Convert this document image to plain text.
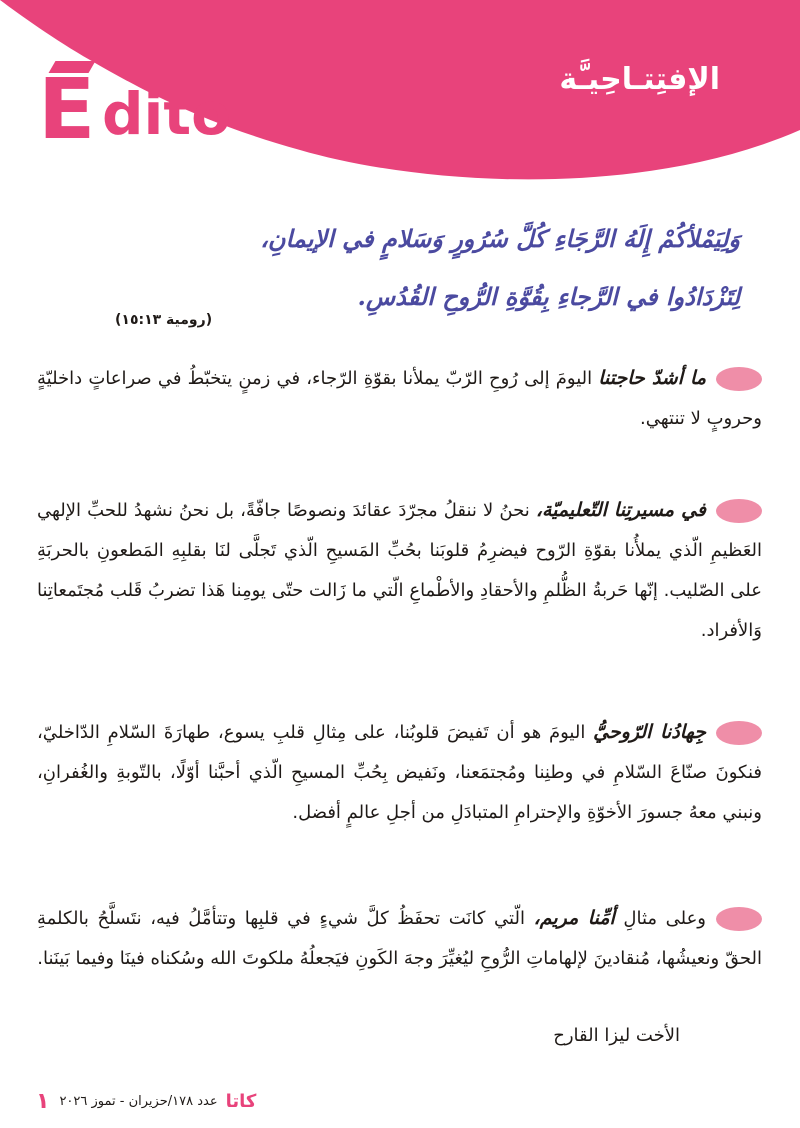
الإفتِتـاحِيـَّة
E dito
وَلِيَمْلأكُمْ إِلَهُ الرَّجَاءِ كُلَّ سُرُورٍ وَسَلامٍ في الإيمانِ،
لِتَزْدَادُوا في الرَّجاءِ بِقُوَّةِ الرُّوحِ القُدُسِ.
(رومية ١٥:١٣)

ما أشدّ حاجتنا اليومَ إلى رُوحِ الرّبّ يملأنا بقوّةِ الرّجاء، في زمنٍ يتخبّطُ في صراعاتٍ داخليّةٍ وحروبٍ لا تنتهي.

في مسيرتِنا التّعليميّة، نحنُ لا ننقلُ مجرّدَ عقائدَ ونصوصًا جافّةً، بل نحنُ نشهدُ للحبِّ الإلهي العَظيمِ الّذي يملأُنا بقوّةِ الرّوح فيضرِمُ قلوبَنا بحُبِّ المَسيحِ الّذي تَجلَّى لنَا بقلبِهِ المَطعونِ بالحربَةِ على الصّليب. إنّها حَربةُ الظُّلمِ والأحقادِ والأطْماعِ الّتي ما زَالت حتّى يومِنا هَذا تضربُ قَلب مُجتَمعاتِنا وَالأفراد.

جِهادُنا الرّوحيُّ اليومَ هو أن تَفيضَ قلوبُنا، على مِثالِ قلبِ يسوع، طهارَةَ السّلامِ الدّاخليّ، فنكونَ صنّاعَ السّلامِ في وطنِنا ومُجتمَعنا، ونَفيض بِحُبِّ المسيحِ الّذي أحبَّنا أوّلًا، بالتّوبةِ والغُفرانِ، ونبني معهُ جسورَ الأخوّةِ والإحترامِ المتبادَلِ من أجلِ عالمٍ أفضل.

وعلى مثالِ أمِّنا مريم، الّتي كانَت تحفَظُ كلَّ شيءٍ في قلبِها وتتأمَّلُ فيه، نتَسلَّحُ بالكلمةِ الحقّ ونعيشُها، مُنقادينَ لإلهاماتِ الرُّوحِ ليُغيِّرَ وجهَ الكَونِ فيَجعلُهُ ملكوتَ الله وسُكناه فينَا وفيما بَينَنا.

الأخت ليزا القارح
١ عدد ١٧٨/حزيران - تموز ٢٠٢٦ كاتا
